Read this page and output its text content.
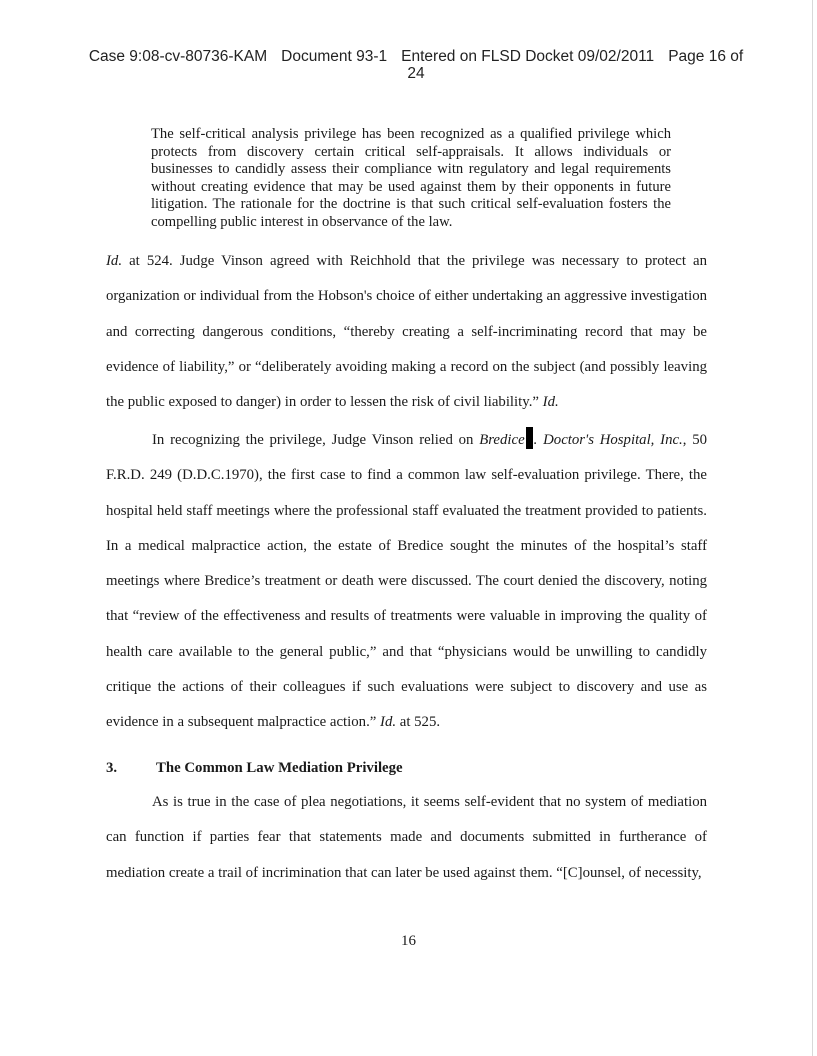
Case 9:08-cv-80736-KAM Document 93-1 Entered on FLSD Docket 09/02/2011 Page 16 of
24
The self-critical analysis privilege has been recognized as a qualified privilege which protects from discovery certain critical self-appraisals. It allows individuals or businesses to candidly assess their compliance witn regulatory and legal requirements without creating evidence that may be used against them by their opponents in future litigation. The rationale for the doctrine is that such critical self-evaluation fosters the compelling public interest in observance of the law.
Id. at 524. Judge Vinson agreed with Reichhold that the privilege was necessary to protect an organization or individual from the Hobson's choice of either undertaking an aggressive investigation and correcting dangerous conditions, “thereby creating a self-incriminating record that may be evidence of liability,” or “deliberately avoiding making a record on the subject (and possibly leaving the public exposed to danger) in order to lessen the risk of civil liability.” Id.
In recognizing the privilege, Judge Vinson relied on Bredice . Doctor's Hospital, Inc., 50 F.R.D. 249 (D.D.C.1970), the first case to find a common law self-evaluation privilege. There, the hospital held staff meetings where the professional staff evaluated the treatment provided to patients. In a medical malpractice action, the estate of Bredice sought the minutes of the hospital’s staff meetings where Bredice’s treatment or death were discussed. The court denied the discovery, noting that “review of the effectiveness and results of treatments were valuable in improving the quality of health care available to the general public,” and that “physicians would be unwilling to candidly critique the actions of their colleagues if such evaluations were subject to discovery and use as evidence in a subsequent malpractice action.” Id. at 525.
3.	The Common Law Mediation Privilege
As is true in the case of plea negotiations, it seems self-evident that no system of mediation can function if parties fear that statements made and documents submitted in furtherance of mediation create a trail of incrimination that can later be used against them. “[C]ounsel, of necessity,
16
